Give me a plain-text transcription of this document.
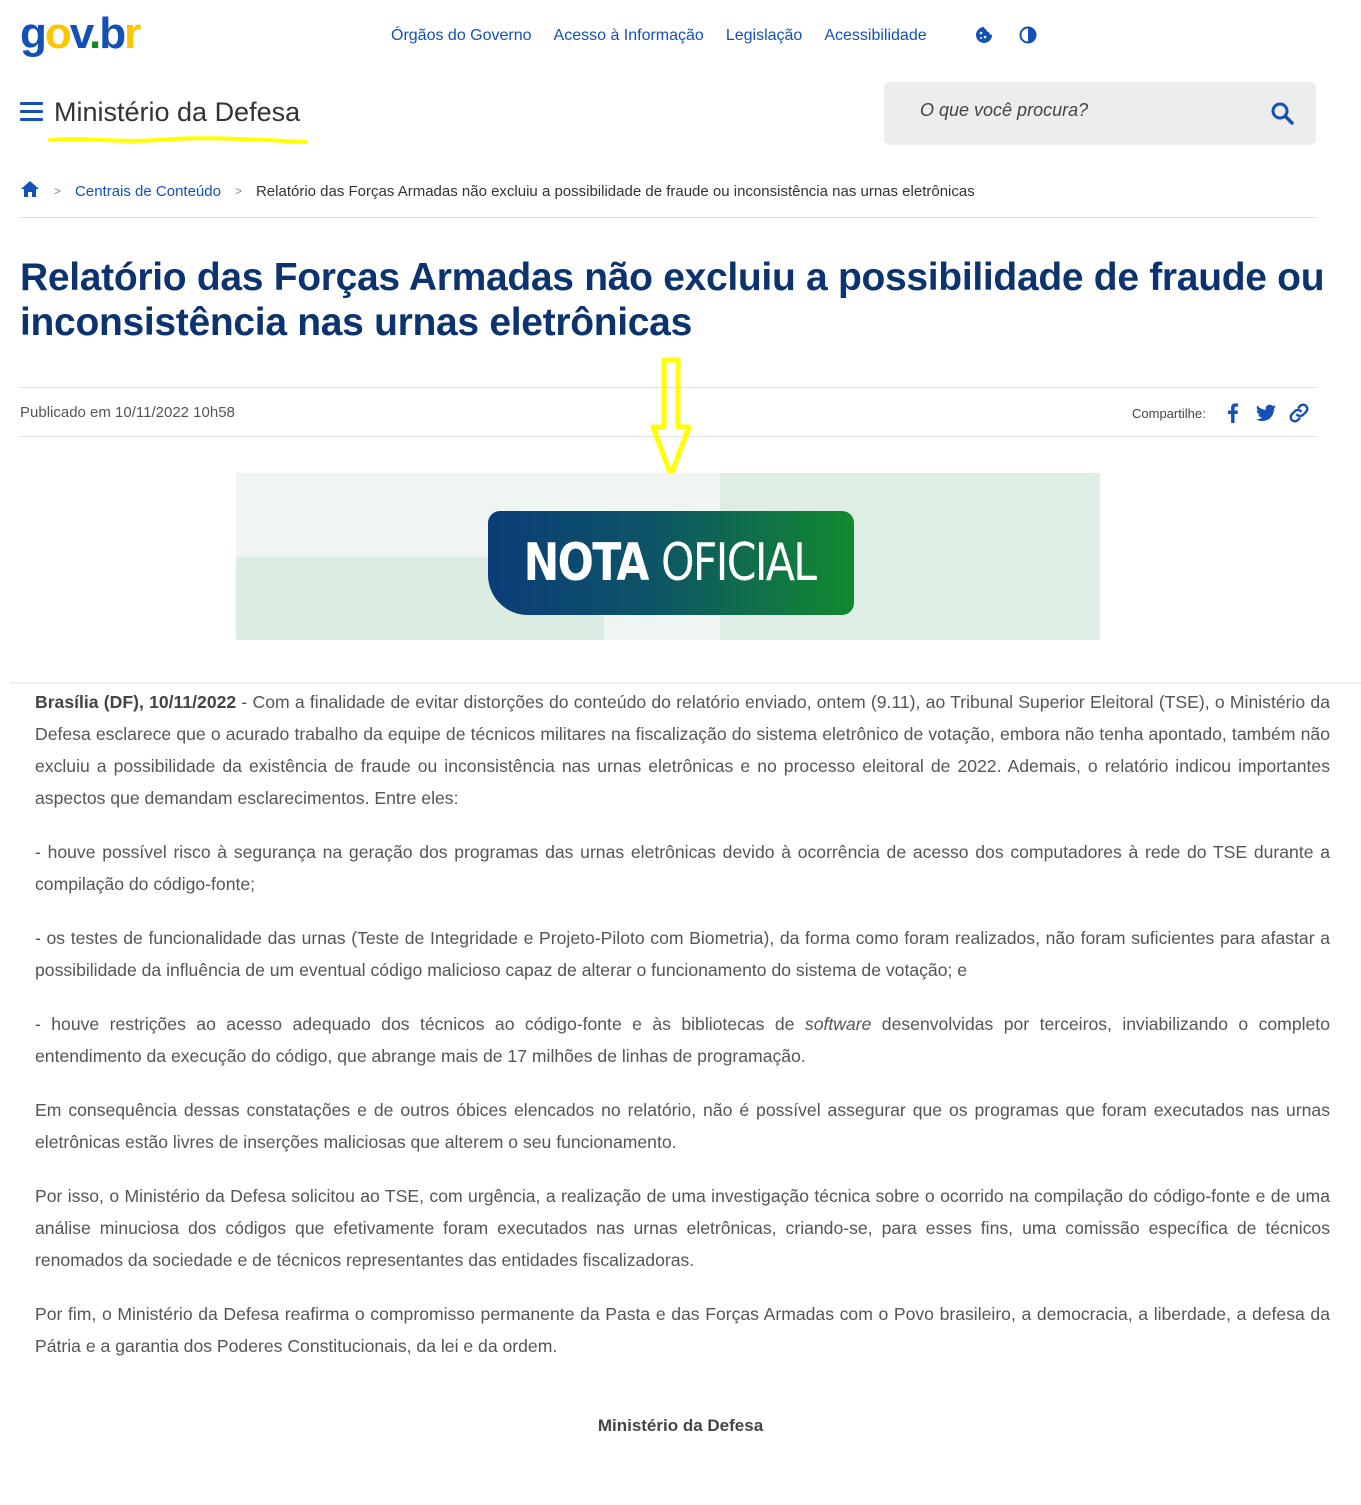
gov.br	Órgãos do Governo Acesso à Informação Legislação Acessibilidade
Ministério da Defesa
O que você procura?
> Centrais de Conteúdo > Relatório das Forças Armadas não excluiu a possibilidade de fraude ou inconsistência nas urnas eletrônicas
Relatório das Forças Armadas não excluiu a possibilidade de fraude ou inconsistência nas urnas eletrônicas
Publicado em 10/11/2022 10h58	Compartilhe:
NOTA OFICIAL

Brasília (DF), 10/11/2022 - Com a finalidade de evitar distorções do conteúdo do relatório enviado, ontem (9.11), ao Tribunal Superior Eleitoral (TSE), o Ministério da Defesa esclarece que o acurado trabalho da equipe de técnicos militares na fiscalização do sistema eletrônico de votação, embora não tenha apontado, também não excluiu a possibilidade da existência de fraude ou inconsistência nas urnas eletrônicas e no processo eleitoral de 2022. Ademais, o relatório indicou importantes aspectos que demandam esclarecimentos. Entre eles:

- houve possível risco à segurança na geração dos programas das urnas eletrônicas devido à ocorrência de acesso dos computadores à rede do TSE durante a compilação do código-fonte;

- os testes de funcionalidade das urnas (Teste de Integridade e Projeto-Piloto com Biometria), da forma como foram realizados, não foram suficientes para afastar a possibilidade da influência de um eventual código malicioso capaz de alterar o funcionamento do sistema de votação; e

- houve restrições ao acesso adequado dos técnicos ao código-fonte e às bibliotecas de software desenvolvidas por terceiros, inviabilizando o completo entendimento da execução do código, que abrange mais de 17 milhões de linhas de programação.

Em consequência dessas constatações e de outros óbices elencados no relatório, não é possível assegurar que os programas que foram executados nas urnas eletrônicas estão livres de inserções maliciosas que alterem o seu funcionamento.

Por isso, o Ministério da Defesa solicitou ao TSE, com urgência, a realização de uma investigação técnica sobre o ocorrido na compilação do código-fonte e de uma análise minuciosa dos códigos que efetivamente foram executados nas urnas eletrônicas, criando-se, para esses fins, uma comissão específica de técnicos renomados da sociedade e de técnicos representantes das entidades fiscalizadoras.

Por fim, o Ministério da Defesa reafirma o compromisso permanente da Pasta e das Forças Armadas com o Povo brasileiro, a democracia, a liberdade, a defesa da Pátria e a garantia dos Poderes Constitucionais, da lei e da ordem.

Ministério da Defesa
